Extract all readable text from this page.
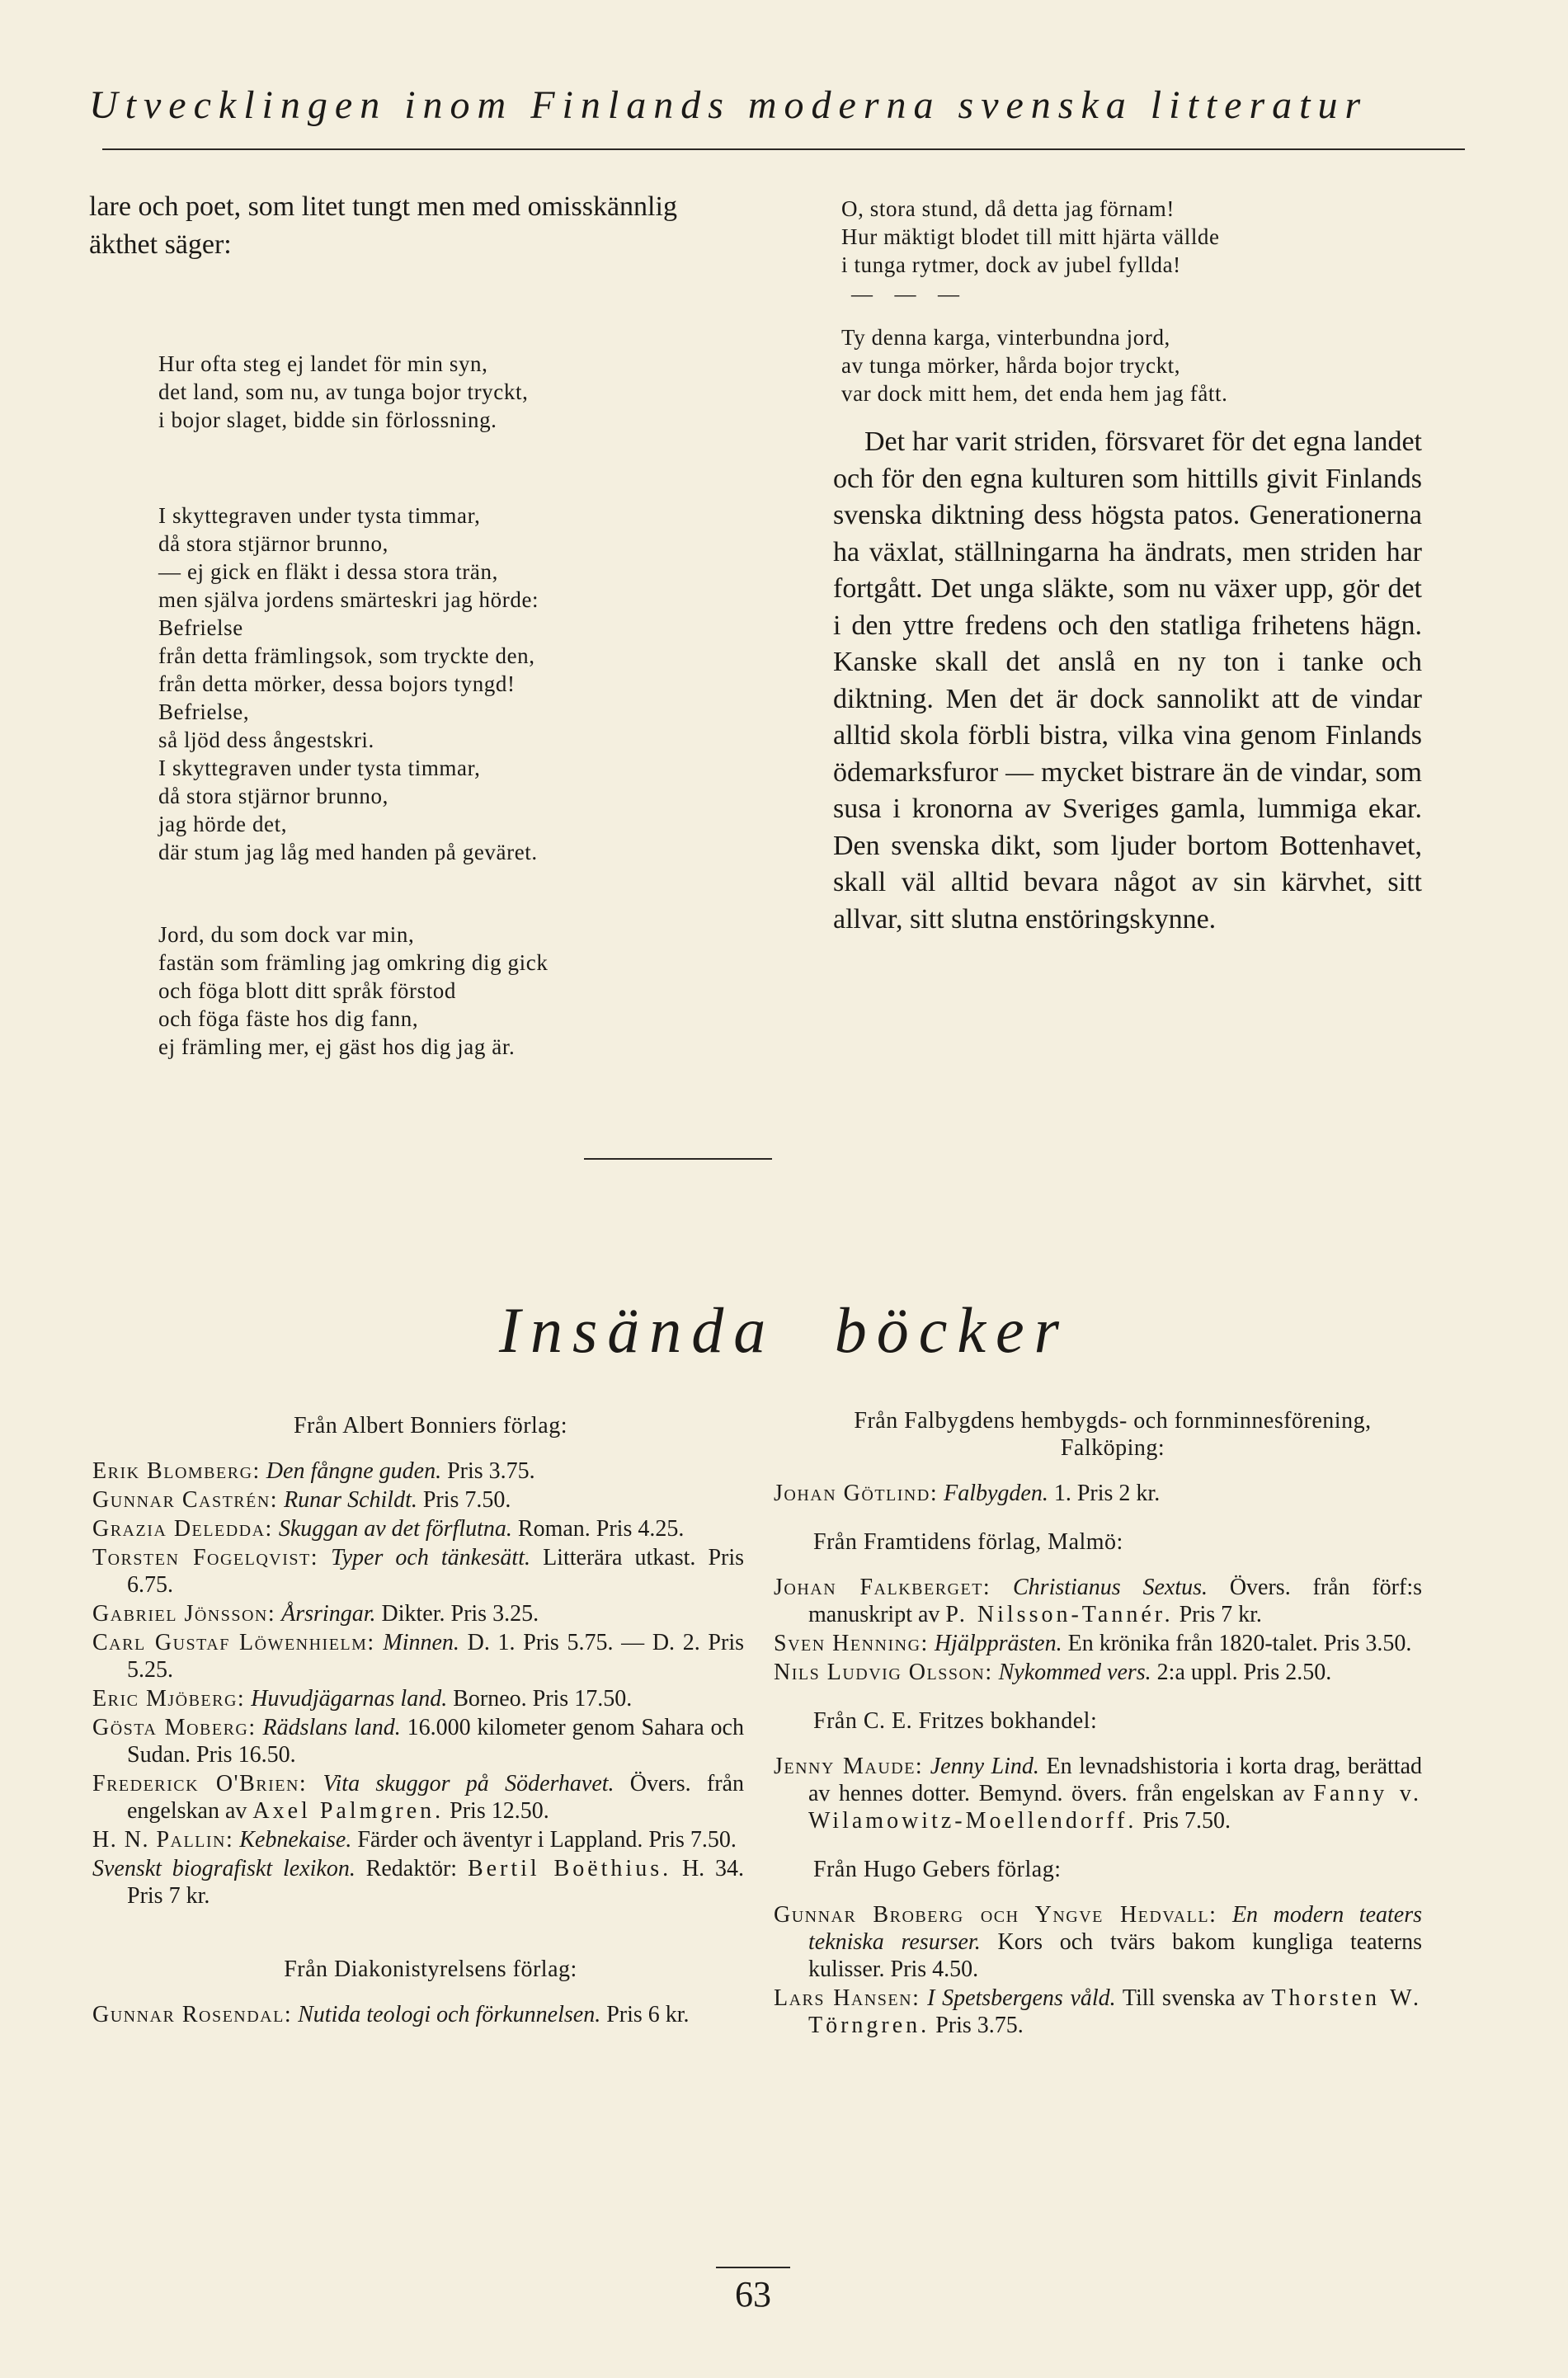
Utvecklingen inom Finlands moderna svenska litteratur

lare och poet, som litet tungt men med omisskännlig äkthet säger:

Hur ofta steg ej landet för min syn,
det land, som nu, av tunga bojor tryckt,
i bojor slaget, bidde sin förlossning.
I skyttegraven under tysta timmar,
då stora stjärnor brunno,
— ej gick en fläkt i dessa stora trän,
men själva jordens smärteskri jag hörde:
Befrielse
från detta främlingsok, som tryckte den,
från detta mörker, dessa bojors tyngd!
Befrielse,
så ljöd dess ångestskri.
I skyttegraven under tysta timmar,
då stora stjärnor brunno,
jag hörde det,
där stum jag låg med handen på geväret.
Jord, du som dock var min,
fastän som främling jag omkring dig gick
och föga blott ditt språk förstod
och föga fäste hos dig fann,
ej främling mer, ej gäst hos dig jag är.
O, stora stund, då detta jag förnam!
Hur mäktigt blodet till mitt hjärta vällde
i tunga rytmer, dock av jubel fyllda!
— — —
Ty denna karga, vinterbundna jord,
av tunga mörker, hårda bojor tryckt,
var dock mitt hem, det enda hem jag fått.

Det har varit striden, försvaret för det egna landet och för den egna kulturen som hittills givit Finlands svenska diktning dess högsta patos. Generationerna ha växlat, ställningarna ha ändrats, men striden har fortgått. Det unga släkte, som nu växer upp, gör det i den yttre fredens och den statliga frihetens hägn. Kanske skall det anslå en ny ton i tanke och diktning. Men det är dock sannolikt att de vindar alltid skola förbli bistra, vilka vina genom Finlands ödemarksfuror — mycket bistrare än de vindar, som susa i kronorna av Sveriges gamla, lummiga ekar. Den svenska dikt, som ljuder bortom Bottenhavet, skall väl alltid bevara något av sin kärvhet, sitt allvar, sitt slutna enstöringskynne.

Insända böcker

Från Albert Bonniers förlag:

Erik Blomberg: Den fångne guden. Pris 3.75.

Gunnar Castrén: Runar Schildt. Pris 7.50.

Grazia Deledda: Skuggan av det förflutna. Roman. Pris 4.25.

Torsten Fogelqvist: Typer och tänkesätt. Litterära utkast. Pris 6.75.

Gabriel Jönsson: Årsringar. Dikter. Pris 3.25.

Carl Gustaf Löwenhielm: Minnen. D. 1. Pris 5.75. — D. 2. Pris 5.25.

Eric Mjöberg: Huvudjägarnas land. Borneo. Pris 17.50.

Gösta Moberg: Rädslans land. 16.000 kilometer genom Sahara och Sudan. Pris 16.50.

Frederick O'Brien: Vita skuggor på Söderhavet. Övers. från engelskan av Axel Palmgren. Pris 12.50.

H. N. Pallin: Kebnekaise. Färder och äventyr i Lappland. Pris 7.50.

Svenskt biografiskt lexikon. Redaktör: Bertil Boëthius. H. 34. Pris 7 kr.

Från Diakonistyrelsens förlag:

Gunnar Rosendal: Nutida teologi och förkunnelsen. Pris 6 kr.

Från Falbygdens hembygds- och fornminnesförening, Falköping:

Johan Götlind: Falbygden. 1. Pris 2 kr.

Från Framtidens förlag, Malmö:

Johan Falkberget: Christianus Sextus. Övers. från förf:s manuskript av P. Nilsson-Tannér. Pris 7 kr.

Sven Henning: Hjälpprästen. En krönika från 1820-talet. Pris 3.50.

Nils Ludvig Olsson: Nykommed vers. 2:a uppl. Pris 2.50.

Från C. E. Fritzes bokhandel:

Jenny Maude: Jenny Lind. En levnadshistoria i korta drag, berättad av hennes dotter. Bemynd. övers. från engelskan av Fanny v. Wilamowitz-Moellendorff. Pris 7.50.

Från Hugo Gebers förlag:

Gunnar Broberg och Yngve Hedvall: En modern teaters tekniska resurser. Kors och tvärs bakom kungliga teaterns kulisser. Pris 4.50.

Lars Hansen: I Spetsbergens våld. Till svenska av Thorsten W. Törngren. Pris 3.75.

63
